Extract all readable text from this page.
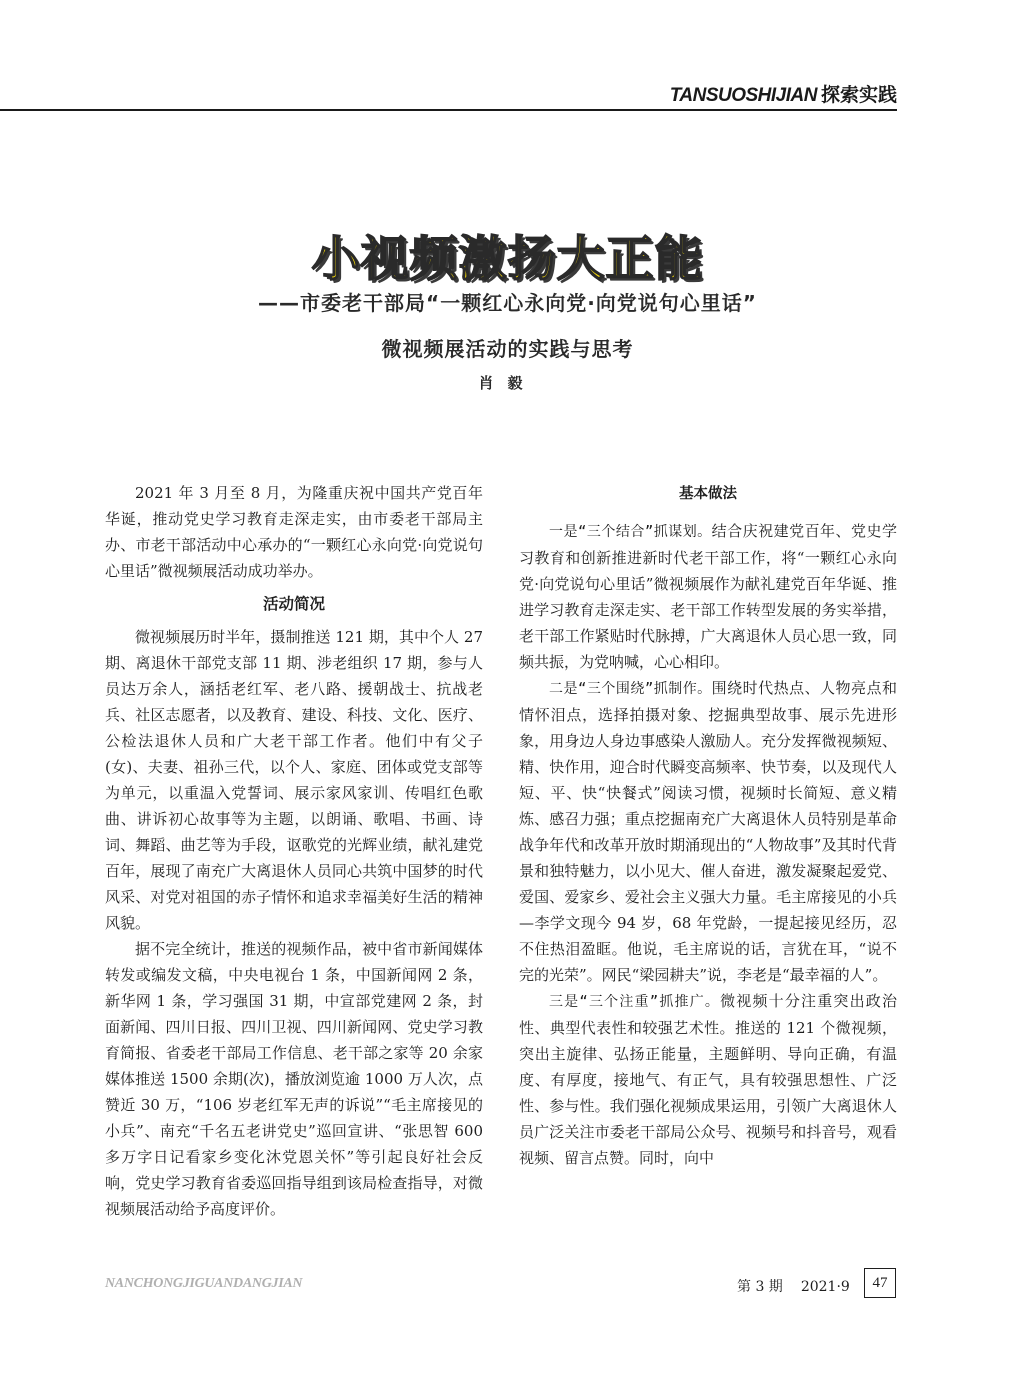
TANSUOSHIJIAN 探索实践
小视频激扬大正能
——市委老干部局“一颗红心永向党·向党说句心里话”
微视频展活动的实践与思考
肖毅

2021 年 3 月至 8 月，为隆重庆祝中国共产党百年华诞，推动党史学习教育走深走实，由市委老干部局主办、市老干部活动中心承办的“一颗红心永向党·向党说句心里话”微视频展活动成功举办。

活动简况

微视频展历时半年，摄制推送 121 期，其中个人 27 期、离退休干部党支部 11 期、涉老组织 17 期，参与人员达万余人，涵括老红军、老八路、援朝战士、抗战老兵、社区志愿者，以及教育、建设、科技、文化、医疗、公检法退休人员和广大老干部工作者。他们中有父子(女)、夫妻、祖孙三代，以个人、家庭、团体或党支部等为单元，以重温入党誓词、展示家风家训、传唱红色歌曲、讲诉初心故事等为主题，以朗诵、歌唱、书画、诗词、舞蹈、曲艺等为手段，讴歌党的光辉业绩，献礼建党百年，展现了南充广大离退休人员同心共筑中国梦的时代风采、对党对祖国的赤子情怀和追求幸福美好生活的精神风貌。

据不完全统计，推送的视频作品，被中省市新闻媒体转发或编发文稿，中央电视台 1 条，中国新闻网 2 条，新华网 1 条，学习强国 31 期，中宣部党建网 2 条，封面新闻、四川日报、四川卫视、四川新闻网、党史学习教育简报、省委老干部局工作信息、老干部之家等 20 余家媒体推送 1500 余期(次)，播放浏览逾 1000 万人次，点赞近 30 万，“106 岁老红军无声的诉说”“毛主席接见的小兵”、南充“千名五老讲党史”巡回宣讲、“张思智 600 多万字日记看家乡变化沐党恩关怀”等引起良好社会反响，党史学习教育省委巡回指导组到该局检查指导，对微视频展活动给予高度评价。

基本做法

一是“三个结合”抓谋划。结合庆祝建党百年、党史学习教育和创新推进新时代老干部工作，将“一颗红心永向党·向党说句心里话”微视频展作为献礼建党百年华诞、推进学习教育走深走实、老干部工作转型发展的务实举措，老干部工作紧贴时代脉搏，广大离退休人员心思一致，同频共振，为党呐喊，心心相印。

二是“三个围绕”抓制作。围绕时代热点、人物亮点和情怀泪点，选择拍摄对象、挖掘典型故事、展示先进形象，用身边人身边事感染人激励人。充分发挥微视频短、精、快作用，迎合时代瞬变高频率、快节奏，以及现代人短、平、快“快餐式”阅读习惯，视频时长简短、意义精炼、感召力强；重点挖掘南充广大离退休人员特别是革命战争年代和改革开放时期涌现出的“人物故事”及其时代背景和独特魅力，以小见大、催人奋进，激发凝聚起爱党、爱国、爱家乡、爱社会主义强大力量。毛主席接见的小兵—李学文现今 94 岁，68 年党龄，一提起接见经历，忍不住热泪盈眶。他说，毛主席说的话，言犹在耳，“说不完的光荣”。网民“梁园耕夫”说，李老是“最幸福的人”。

三是“三个注重”抓推广。微视频十分注重突出政治性、典型代表性和较强艺术性。推送的 121 个微视频，突出主旋律、弘扬正能量，主题鲜明、导向正确，有温度、有厚度，接地气、有正气，具有较强思想性、广泛性、参与性。我们强化视频成果运用，引领广大离退休人员广泛关注市委老干部局公众号、视频号和抖音号，观看视频、留言点赞。同时，向中

NANCHONGJIGUANDANGJIAN	第 3 期 2021·9	47
